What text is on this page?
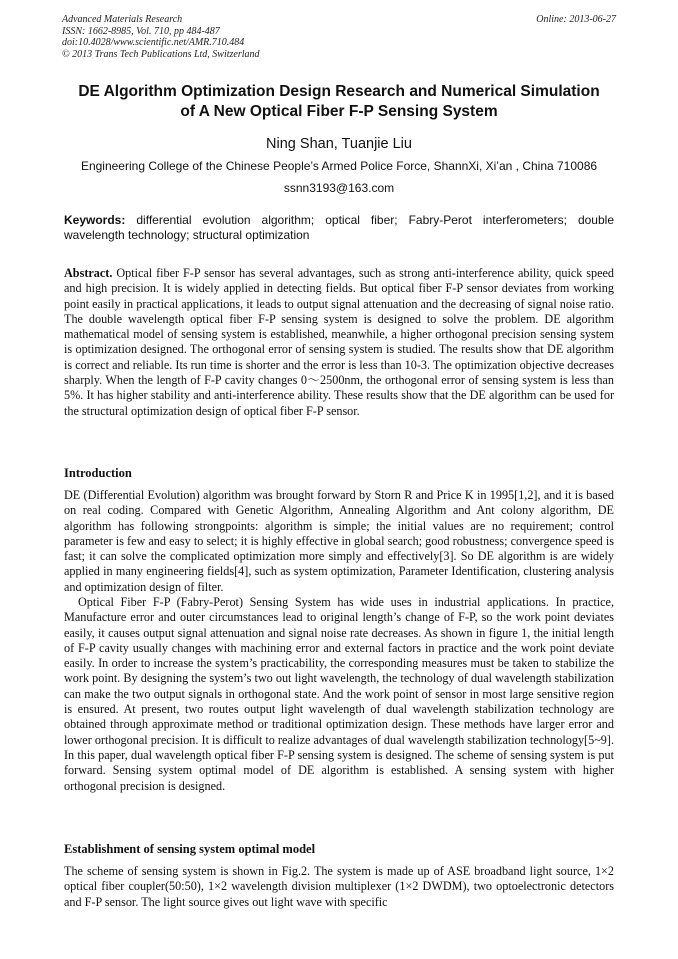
Advanced Materials Research
ISSN: 1662-8985, Vol. 710, pp 484-487
doi:10.4028/www.scientific.net/AMR.710.484
© 2013 Trans Tech Publications Ltd, Switzerland
Online: 2013-06-27
DE Algorithm Optimization Design Research and Numerical Simulation
of A New Optical Fiber F-P Sensing System
Ning Shan, Tuanjie Liu
Engineering College of the Chinese People’s Armed Police Force, ShannXi, Xi’an , China 710086
ssnn3193@163.com
Keywords: differential evolution algorithm; optical fiber; Fabry-Perot interferometers; double wavelength technology; structural optimization
Abstract. Optical fiber F-P sensor has several advantages, such as strong anti-interference ability, quick speed and high precision. It is widely applied in detecting fields. But optical fiber F-P sensor deviates from working point easily in practical applications, it leads to output signal attenuation and the decreasing of signal noise ratio. The double wavelength optical fiber F-P sensing system is designed to solve the problem. DE algorithm mathematical model of sensing system is established, meanwhile, a higher orthogonal precision sensing system is optimization designed. The orthogonal error of sensing system is studied. The results show that DE algorithm is correct and reliable. Its run time is shorter and the error is less than 10-3. The optimization objective decreases sharply. When the length of F-P cavity changes 0～2500nm, the orthogonal error of sensing system is less than 5%. It has higher stability and anti-interference ability. These results show that the DE algorithm can be used for the structural optimization design of optical fiber F-P sensor.
Introduction
DE (Differential Evolution) algorithm was brought forward by Storn R and Price K in 1995[1,2], and it is based on real coding. Compared with Genetic Algorithm, Annealing Algorithm and Ant colony algorithm, DE algorithm has following strongpoints: algorithm is simple; the initial values are no requirement; control parameter is few and easy to select; it is highly effective in global search; good robustness; convergence speed is fast; it can solve the complicated optimization more simply and effectively[3]. So DE algorithm is are widely applied in many engineering fields[4], such as system optimization, Parameter Identification, clustering analysis and optimization design of filter.
Optical Fiber F-P (Fabry-Perot) Sensing System has wide uses in industrial applications. In practice, Manufacture error and outer circumstances lead to original length’s change of F-P, so the work point deviates easily, it causes output signal attenuation and signal noise rate decreases. As shown in figure 1, the initial length of F-P cavity usually changes with machining error and external factors in practice and the work point deviate easily. In order to increase the system’s practicability, the corresponding measures must be taken to stabilize the work point. By designing the system’s two out light wavelength, the technology of dual wavelength stabilization can make the two output signals in orthogonal state. And the work point of sensor in most large sensitive region is ensured. At present, two routes output light wavelength of dual wavelength stabilization technology are obtained through approximate method or traditional optimization design. These methods have larger error and lower orthogonal precision. It is difficult to realize advantages of dual wavelength stabilization technology[5~9]. In this paper, dual wavelength optical fiber F-P sensing system is designed. The scheme of sensing system is put forward. Sensing system optimal model of DE algorithm is established. A sensing system with higher orthogonal precision is designed.
Establishment of sensing system optimal model
The scheme of sensing system is shown in Fig.2. The system is made up of ASE broadband light source, 1×2 optical fiber coupler(50:50), 1×2 wavelength division multiplexer (1×2 DWDM), two optoelectronic detectors and F-P sensor. The light source gives out light wave with specific
